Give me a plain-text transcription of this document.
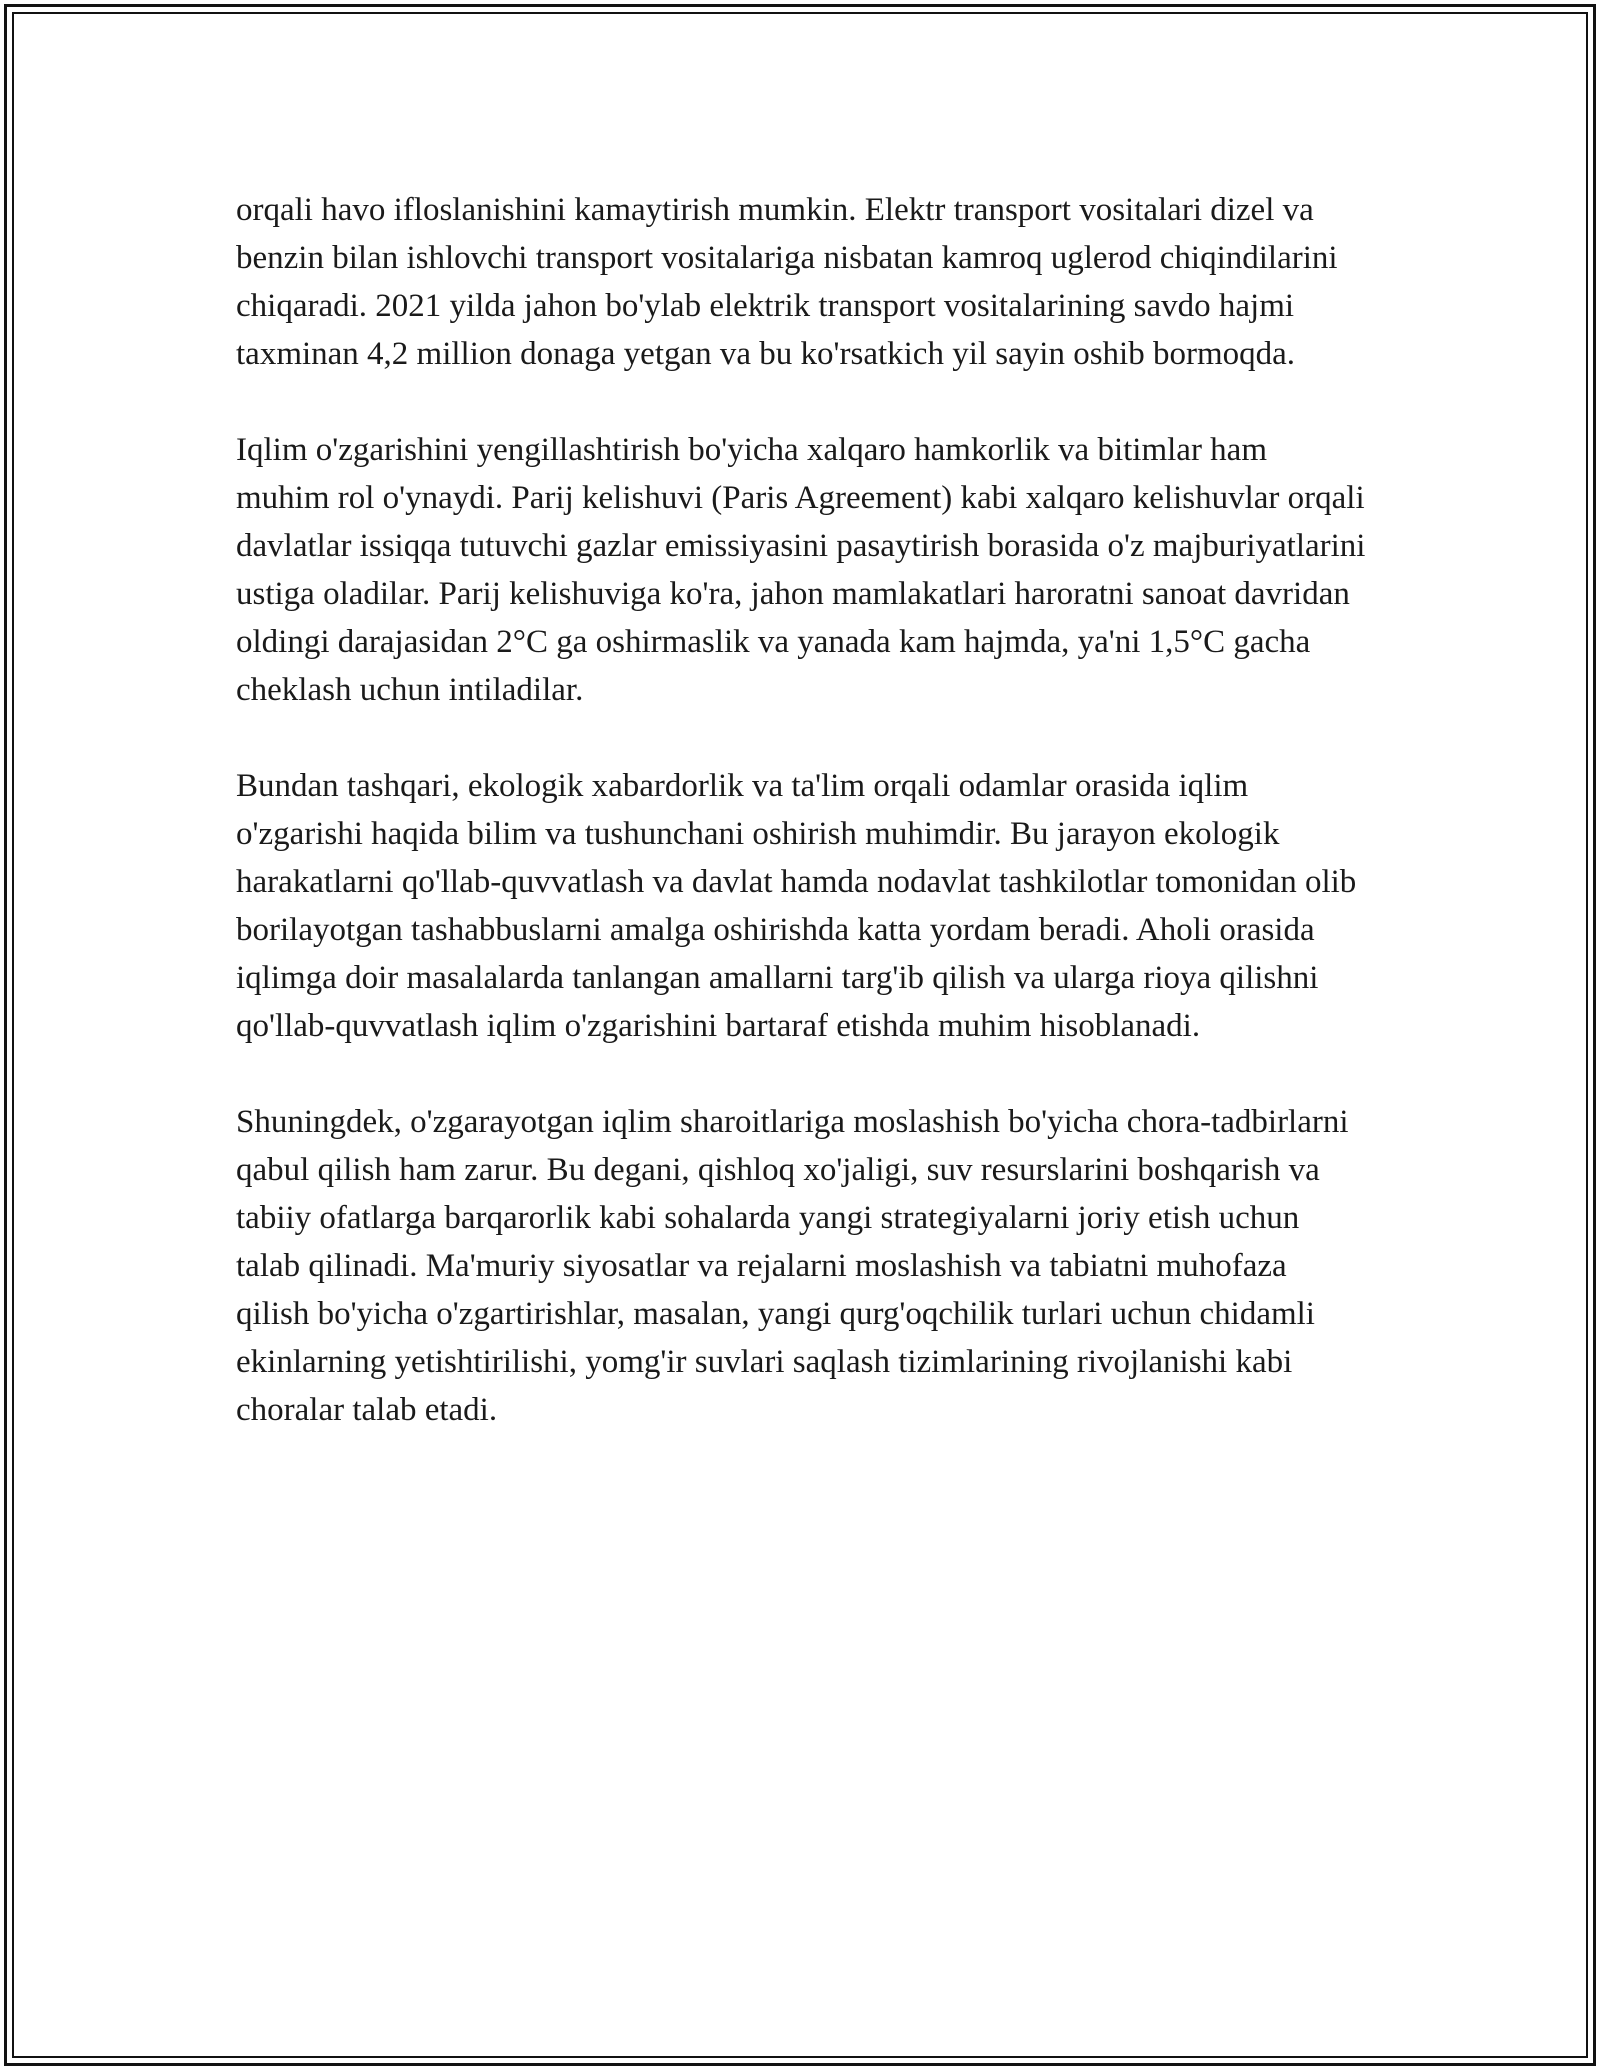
orqali havo ifloslanishini kamaytirish mumkin. Elektr transport vositalari dizel va benzin bilan ishlovchi transport vositalariga nisbatan kamroq uglerod chiqindilarini chiqaradi. 2021 yilda jahon bo'ylab elektrik transport vositalarining savdo hajmi taxminan 4,2 million donaga yetgan va bu ko'rsatkich yil sayin oshib bormoqda.

Iqlim o'zgarishini yengillashtirish bo'yicha xalqaro hamkorlik va bitimlar ham muhim rol o'ynaydi. Parij kelishuvi (Paris Agreement) kabi xalqaro kelishuvlar orqali davlatlar issiqqa tutuvchi gazlar emissiyasini pasaytirish borasida o'z majburiyatlarini ustiga oladilar. Parij kelishuviga ko'ra, jahon mamlakatlari haroratni sanoat davridan oldingi darajasidan 2°C ga oshirmaslik va yanada kam hajmda, ya'ni 1,5°C gacha cheklash uchun intiladilar.

Bundan tashqari, ekologik xabardorlik va ta'lim orqali odamlar orasida iqlim o'zgarishi haqida bilim va tushunchani oshirish muhimdir. Bu jarayon ekologik harakatlarni qo'llab-quvvatlash va davlat hamda nodavlat tashkilotlar tomonidan olib borilayotgan tashabbuslarni amalga oshirishda katta yordam beradi. Aholi orasida iqlimga doir masalalarda tanlangan amallarni targ'ib qilish va ularga rioya qilishni qo'llab-quvvatlash iqlim o'zgarishini bartaraf etishda muhim hisoblanadi.

Shuningdek, o'zgarayotgan iqlim sharoitlariga moslashish bo'yicha chora-tadbirlarni qabul qilish ham zarur. Bu degani, qishloq xo'jaligi, suv resurslarini boshqarish va tabiiy ofatlarga barqarorlik kabi sohalarda yangi strategiyalarni joriy etish uchun talab qilinadi. Ma'muriy siyosatlar va rejalarni moslashish va tabiatni muhofaza qilish bo'yicha o'zgartirishlar, masalan, yangi qurg'oqchilik turlari uchun chidamli ekinlarning yetishtirilishi, yomg'ir suvlari saqlash tizimlarining rivojlanishi kabi choralar talab etadi.
